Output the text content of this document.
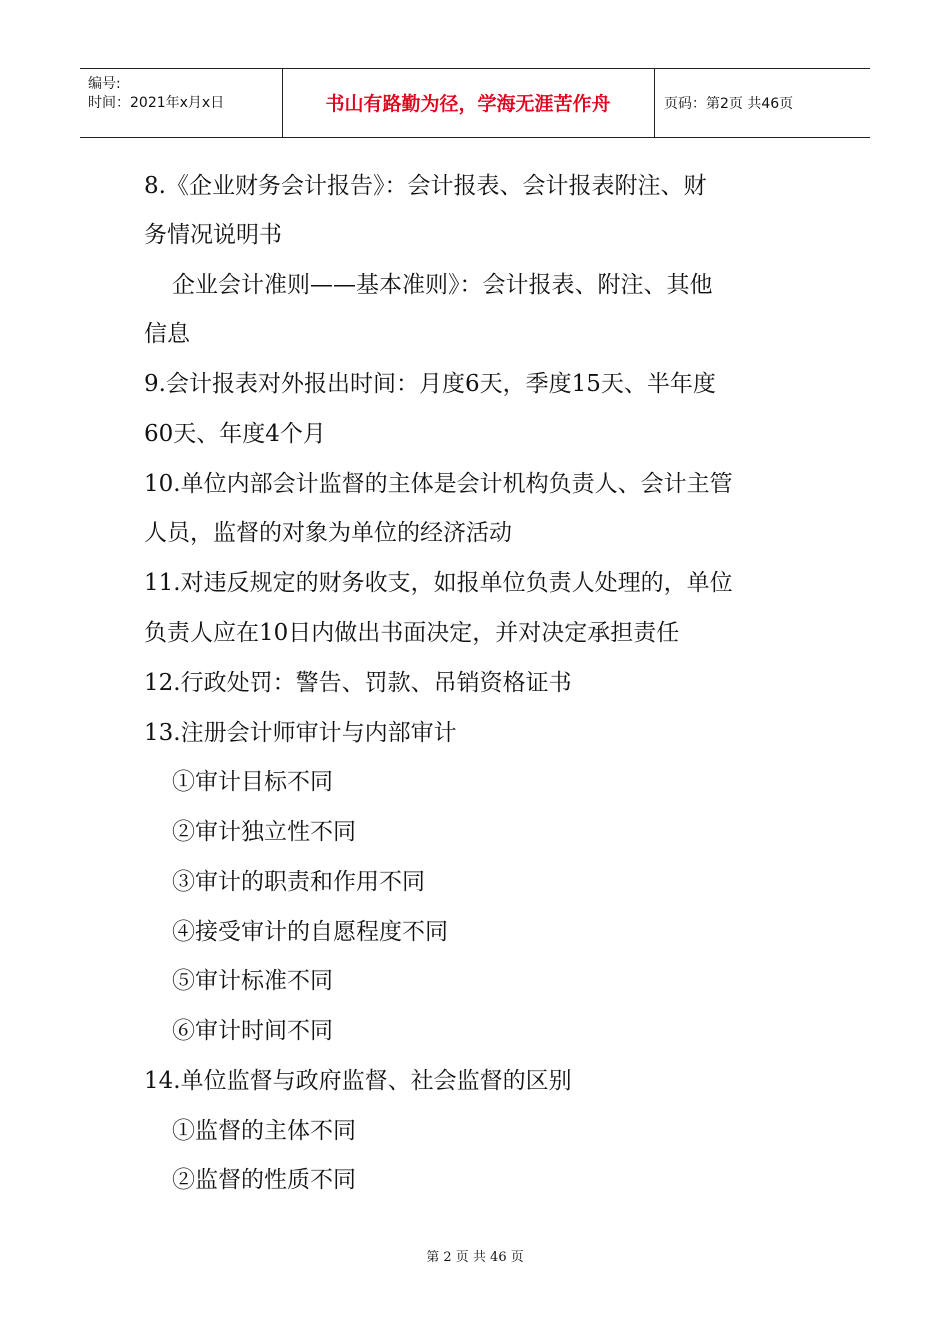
编号:
时间：2021年x月x日	书山有路勤为径，学海无涯苦作舟	页码：第2页 共46页
8.《企业财务会计报告》：会计报表、会计报表附注、财
务情况说明书
企业会计准则——基本准则》：会计报表、附注、其他
信息
9.会计报表对外报出时间：月度6天，季度15天、半年度
60天、年度4个月
10.单位内部会计监督的主体是会计机构负责人、会计主管
人员，监督的对象为单位的经济活动
11.对违反规定的财务收支，如报单位负责人处理的，单位
负责人应在10日内做出书面决定，并对决定承担责任
12.行政处罚：警告、罚款、吊销资格证书
13.注册会计师审计与内部审计
①审计目标不同
②审计独立性不同
③审计的职责和作用不同
④接受审计的自愿程度不同
⑤审计标准不同
⑥审计时间不同
14.单位监督与政府监督、社会监督的区别
①监督的主体不同
②监督的性质不同
第 2 页 共 46 页
